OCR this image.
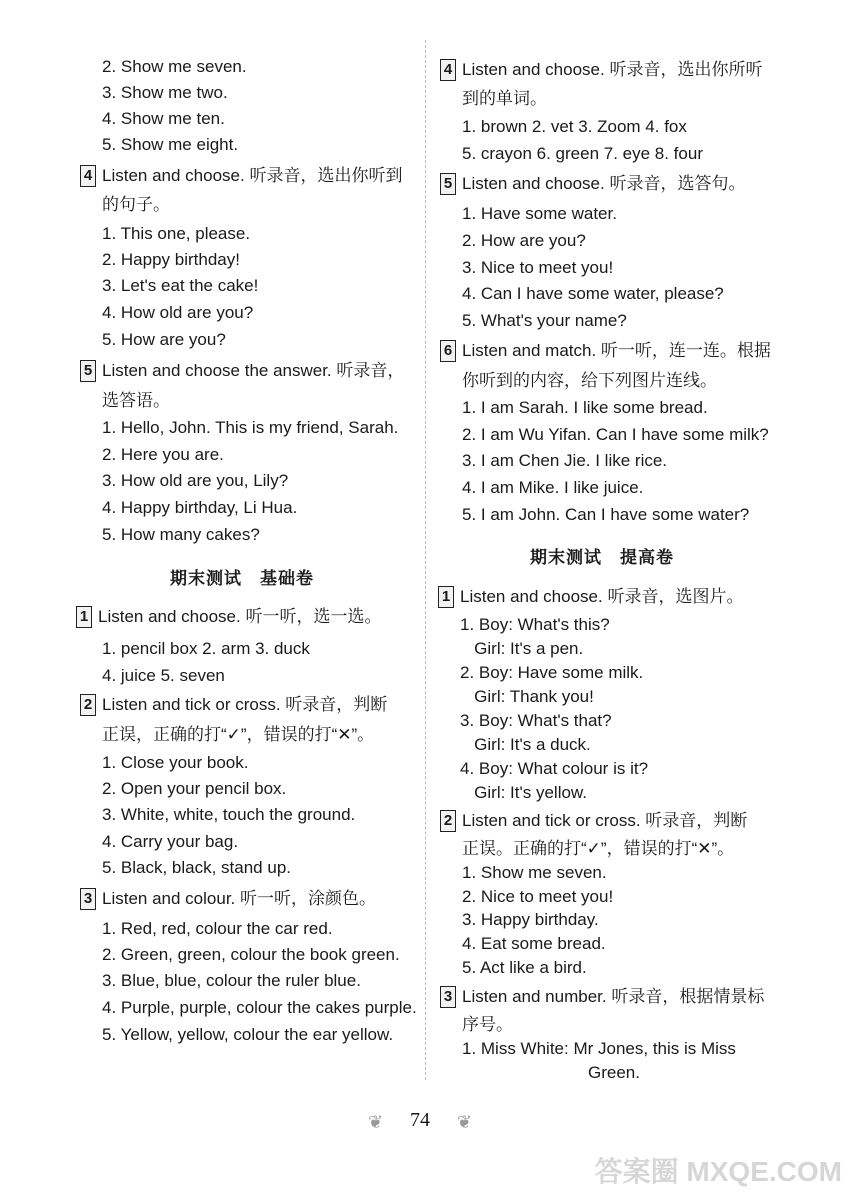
2. Show me seven.
3. Show me two.
4. Show me ten.
5. Show me eight.
4 Listen and choose. 听录音，选出你听到
的句子。
1. This one, please.
2. Happy birthday!
3. Let's eat the cake!
4. How old are you?
5. How are you?
5 Listen and choose the answer. 听录音，
选答语。
1. Hello, John. This is my friend, Sarah.
2. Here you are.
3. How old are you, Lily?
4. Happy birthday, Li Hua.
5. How many cakes?
期末测试　基础卷
1 Listen and choose. 听一听，选一选。
1. pencil box 2. arm 3. duck
4. juice 5. seven
2 Listen and tick or cross. 听录音，判断
正误，正确的打“✓”，错误的打“✕”。
1. Close your book.
2. Open your pencil box.
3. White, white, touch the ground.
4. Carry your bag.
5. Black, black, stand up.
3 Listen and colour. 听一听，涂颜色。
1. Red, red, colour the car red.
2. Green, green, colour the book green.
3. Blue, blue, colour the ruler blue.
4. Purple, purple, colour the cakes purple.
5. Yellow, yellow, colour the ear yellow.
4 Listen and choose. 听录音，选出你所听
到的单词。
1. brown 2. vet 3. Zoom 4. fox
5. crayon 6. green 7. eye 8. four
5 Listen and choose. 听录音，选答句。
1. Have some water.
2. How are you?
3. Nice to meet you!
4. Can I have some water, please?
5. What's your name?
6 Listen and match. 听一听，连一连。根据
你听到的内容，给下列图片连线。
1. I am Sarah. I like some bread.
2. I am Wu Yifan. Can I have some milk?
3. I am Chen Jie. I like rice.
4. I am Mike. I like juice.
5. I am John. Can I have some water?
期末测试　提高卷
1 Listen and choose. 听录音，选图片。
1. Boy: What's this?
Girl: It's a pen.
2. Boy: Have some milk.
Girl: Thank you!
3. Boy: What's that?
Girl: It's a duck.
4. Boy: What colour is it?
Girl: It's yellow.
2 Listen and tick or cross. 听录音，判断
正误。正确的打“✓”，错误的打“✕”。
1. Show me seven.
2. Nice to meet you!
3. Happy birthday.
4. Eat some bread.
5. Act like a bird.
3 Listen and number. 听录音，根据情景标
序号。
1. Miss White: Mr Jones, this is Miss
Green.
❦ 74 ❦
答案圈 MXQE.COM
